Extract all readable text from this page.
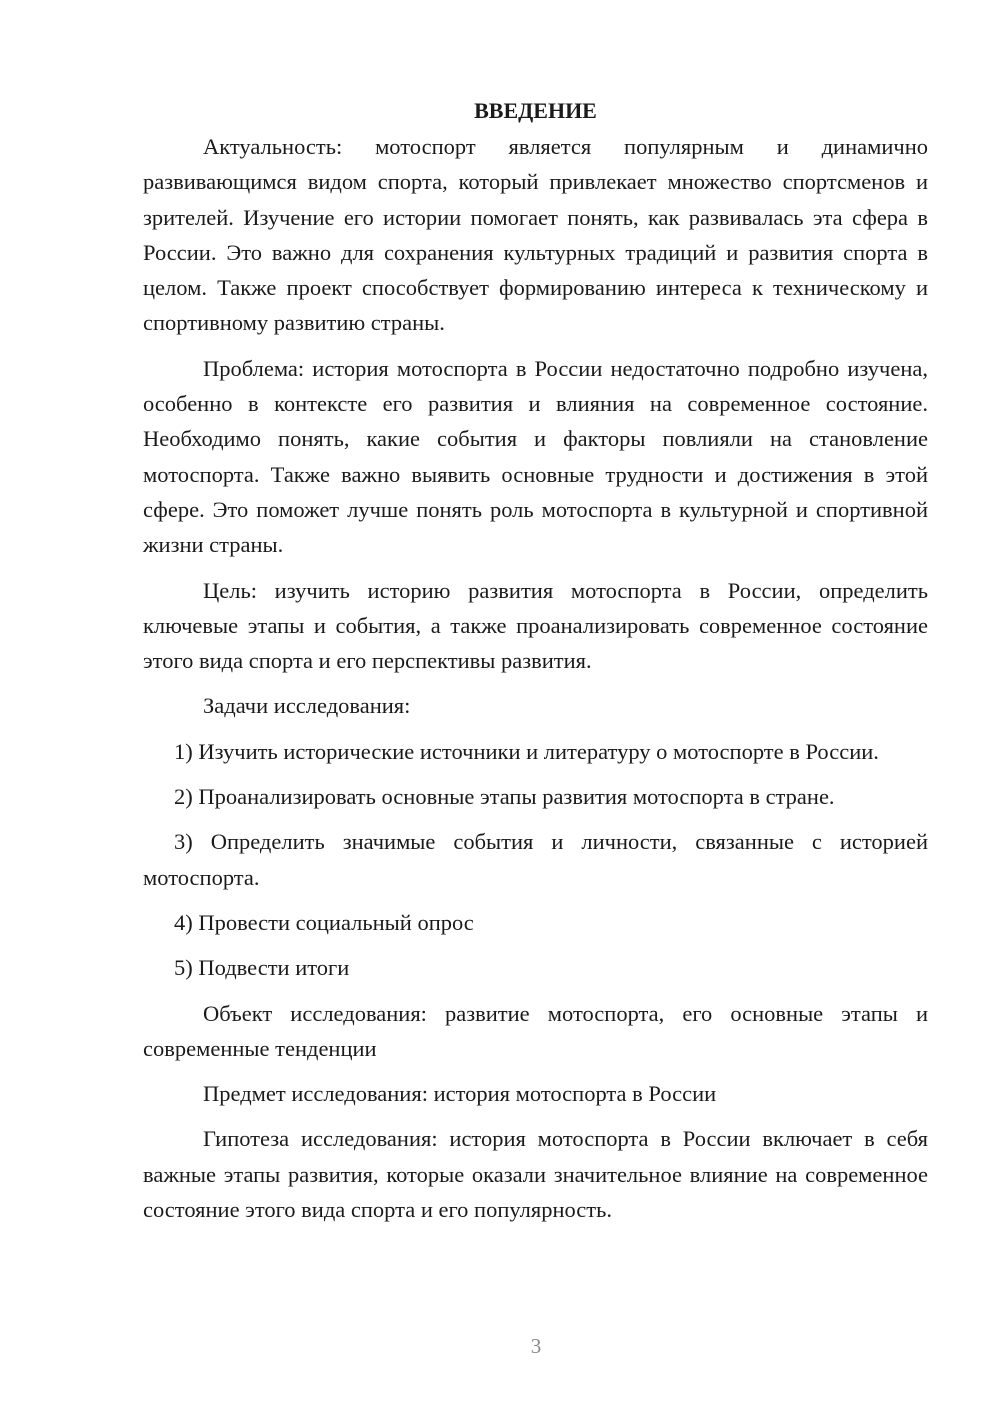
ВВЕДЕНИЕ

Актуальность: мотоспорт является популярным и динамично развивающимся видом спорта, который привлекает множество спортсменов и зрителей. Изучение его истории помогает понять, как развивалась эта сфера в России. Это важно для сохранения культурных традиций и развития спорта в целом. Также проект способствует формированию интереса к техническому и спортивному развитию страны.

Проблема: история мотоспорта в России недостаточно подробно изучена, особенно в контексте его развития и влияния на современное состояние. Необходимо понять, какие события и факторы повлияли на становление мотоспорта. Также важно выявить основные трудности и достижения в этой сфере. Это поможет лучше понять роль мотоспорта в культурной и спортивной жизни страны.

Цель: изучить историю развития мотоспорта в России, определить ключевые этапы и события, а также проанализировать современное состояние этого вида спорта и его перспективы развития.

Задачи исследования:

1) Изучить исторические источники и литературу о мотоспорте в России.

2) Проанализировать основные этапы развития мотоспорта в стране.

3) Определить значимые события и личности, связанные с историей мотоспорта.

4) Провести социальный опрос

5) Подвести итоги

Объект исследования: развитие мотоспорта, его основные этапы и современные тенденции

Предмет исследования: история мотоспорта в России

Гипотеза исследования: история мотоспорта в России включает в себя важные этапы развития, которые оказали значительное влияние на современное состояние этого вида спорта и его популярность.

3
